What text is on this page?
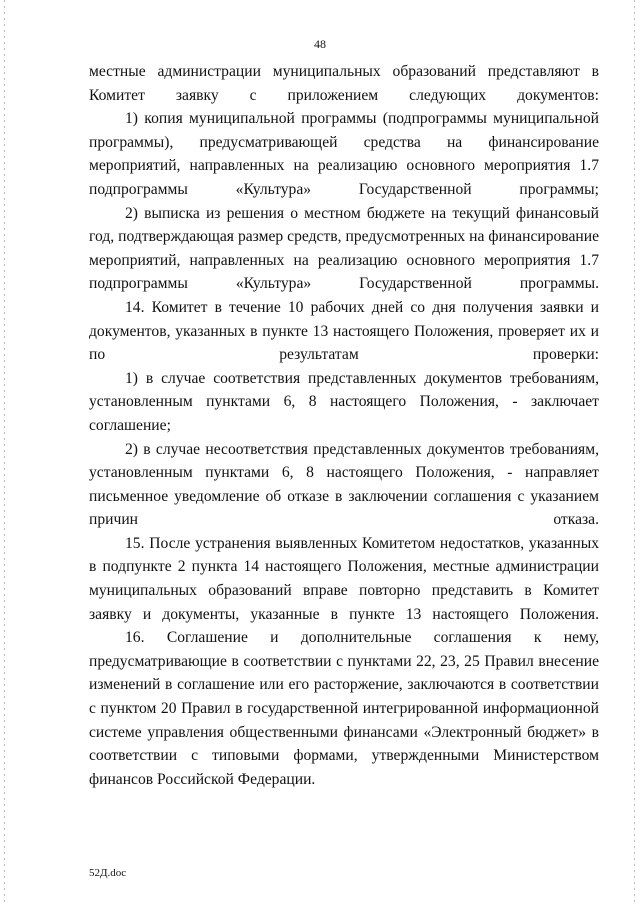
48

местные администрации муниципальных образований представляют в Комитет заявку с приложением следующих документов:

1) копия муниципальной программы (подпрограммы муниципальной программы), предусматривающей средства на финансирование мероприятий, направленных на реализацию основного мероприятия 1.7 подпрограммы «Культура» Государственной программы;

2) выписка из решения о местном бюджете на текущий финансовый год, подтверждающая размер средств, предусмотренных на финансирование мероприятий, направленных на реализацию основного мероприятия 1.7 подпрограммы «Культура» Государственной программы.

14. Комитет в течение 10 рабочих дней со дня получения заявки и документов, указанных в пункте 13 настоящего Положения, проверяет их и по результатам проверки:

1) в случае соответствия представленных документов требованиям, установленным пунктами 6, 8 настоящего Положения, - заключает соглашение;

2) в случае несоответствия представленных документов требованиям, установленным пунктами 6, 8 настоящего Положения, - направляет письменное уведомление об отказе в заключении соглашения с указанием причин отказа.

15. После устранения выявленных Комитетом недостатков, указанных в подпункте 2 пункта 14 настоящего Положения, местные администрации муниципальных образований вправе повторно представить в Комитет заявку и документы, указанные в пункте 13 настоящего Положения.

16. Соглашение и дополнительные соглашения к нему, предусматривающие в соответствии с пунктами 22, 23, 25 Правил внесение изменений в соглашение или его расторжение, заключаются в соответствии с пунктом 20 Правил в государственной интегрированной информационной системе управления общественными финансами «Электронный бюджет» в соответствии с типовыми формами, утвержденными Министерством финансов Российской Федерации.

52Д.doc
